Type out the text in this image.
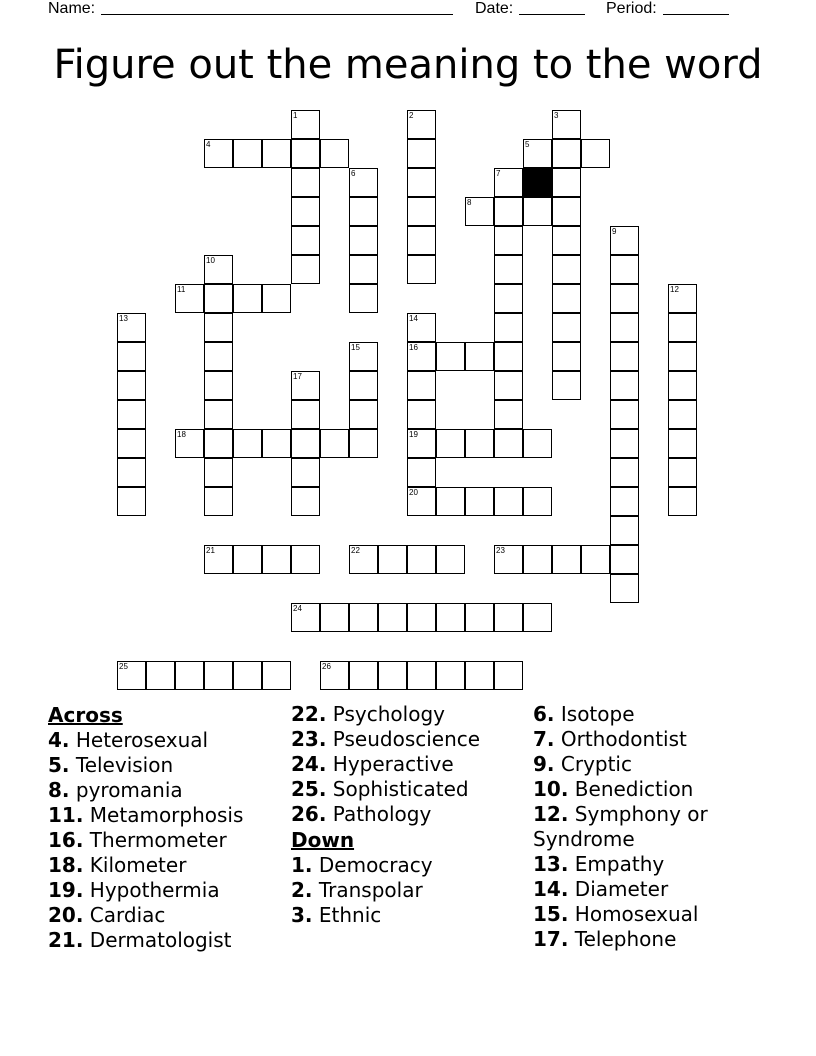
Name:	Date:	Period:
Figure out the meaning to the word
1	2	3
4	5
6	7
8
9
10
11	12
13	14
16
19
20
15
17
18
21	22	23
24
25	26

Across

4. Heterosexual

5. Television

8. pyromania

11. Metamorphosis

16. Thermometer

18. Kilometer

19. Hypothermia

20. Cardiac

21. Dermatologist

22. Psychology

23. Pseudoscience

24. Hyperactive

25. Sophisticated

26. Pathology

Down

1. Democracy

2. Transpolar

3. Ethnic

6. Isotope

7. Orthodontist

9. Cryptic

10. Benediction

12. Symphony or Syndrome

13. Empathy

14. Diameter

15. Homosexual

17. Telephone
